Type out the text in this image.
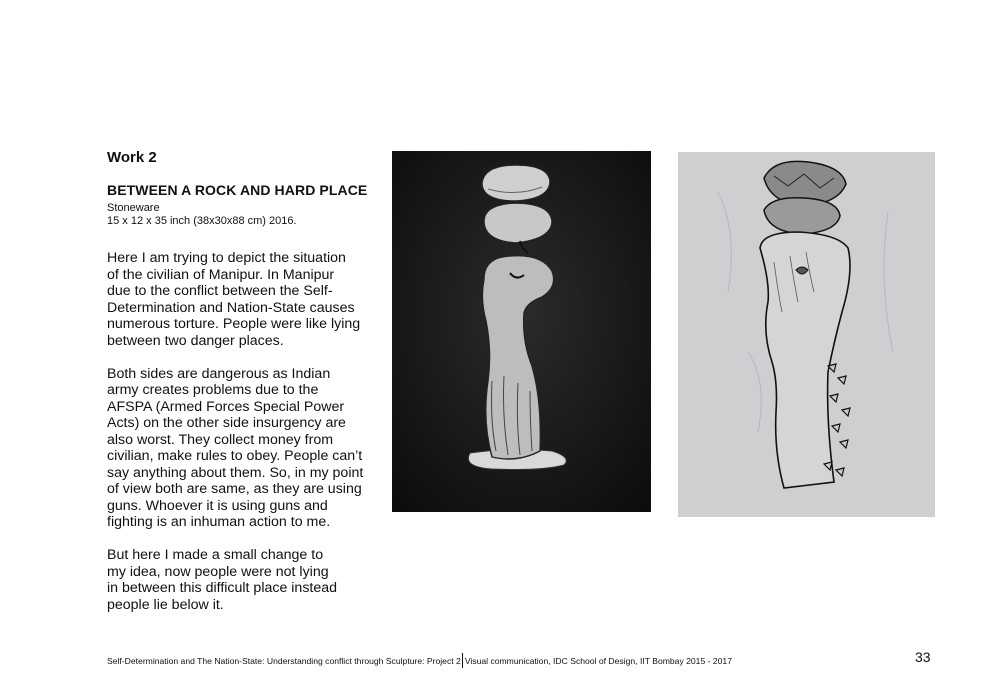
Work 2
BETWEEN A ROCK AND HARD PLACE
Stoneware
15 x 12 x 35 inch (38x30x88 cm) 2016.

Here I am trying to depict the situation
of the civilian of Manipur. In Manipur
due to the conflict between the Self-
Determination and Nation-State causes
numerous torture. People were like lying
between two danger places.

Both sides are dangerous as Indian
army creates problems due to the
AFSPA (Armed Forces Special Power
Acts) on the other side insurgency are
also worst. They collect money from
civilian, make rules to obey. People can’t
say anything about them. So, in my point
of view both are same, as they are using
guns. Whoever it is using guns and
fighting is an inhuman action to me.

But here I made a small change to
my idea, now people were not lying
in between this difficult place instead
people lie below it.

Self-Determination and The Nation-State: Understanding conflict through Sculpture: Project 2 Visual communication, IDC School of Design, IIT Bombay 2015 - 2017	33
